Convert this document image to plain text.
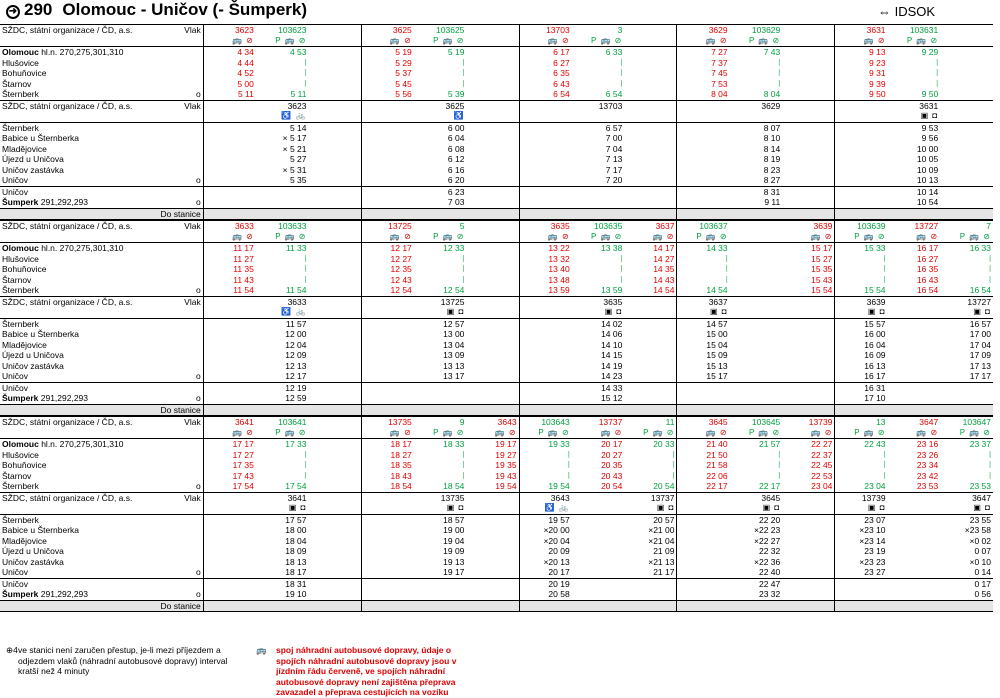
➜ 290 Olomouc - Uničov (- Šumperk)	⇔ IDSOK
SŽDC, státní organizace / ČD, a.s. Vlak	3623	103623		3625	103625		13703	3		3629	103629		3631	103631	
	🚌 ⊘	P 🚌 ⊘		🚌 ⊘	P 🚌 ⊘		🚌 ⊘	P 🚌 ⊘		🚌 ⊘	P 🚌 ⊘		🚌 ⊘	P 🚌 ⊘	
Olomouc hl.n. 270,275,301,310	4 34	4 53		5 19	5 19		6 17	6 33		7 27	7 43		9 13	9 29	
Hlušovice	4 44	⦚		5 29	⦚		6 27	⦚		7 37	⦚		9 23	⦚	
Bohuňovice	4 52	⦚		5 37	⦚		6 35	⦚		7 45	⦚		9 31	⦚	
Štarnov	5 00	⦚		5 45	⦚		6 43	⦚		7 53	⦚		9 39	⦚	
Šternberk o	5 11	5 11		5 56	5 39		6 54	6 54		8 04	8 04		9 50	9 50	
SŽDC, státní organizace / ČD, a.s. Vlak		3623			3625			13703			3629			3631	
		♿ 🚲			♿									▣ ◘	
Šternberk		5 14			6 00			6 57			8 07			9 53	
Babice u Šternberka		× 5 17			6 04			7 00			8 10			9 56	
Mladějovice		× 5 21			6 08			7 04			8 14			10 00	
Újezd u Uničova		5 27			6 12			7 13			8 19			10 05	
Uničov zastávka		× 5 31			6 16			7 17			8 23			10 09	
Uničov o		5 35			6 20			7 20			8 27			10 13	
Uničov					6 23						8 31			10 14	
Šumperk 291,292,293 o					7 03						9 11			10 54	
Do stanice															
SŽDC, státní organizace / ČD, a.s. Vlak	3633	103633		13725	5		3635	103635	3637	103637		3639	103639	13727	7
	🚌 ⊘	P 🚌 ⊘		🚌 ⊘	P 🚌 ⊘		🚌 ⊘	P 🚌 ⊘	🚌 ⊘	P 🚌 ⊘		🚌 ⊘	P 🚌 ⊘	🚌 ⊘	P 🚌 ⊘
Olomouc hl.n. 270,275,301,310	11 17	11 33		12 17	12 33		13 22	13 38	14 17	14 33		15 17	15 33	16 17	16 33
Hlušovice	11 27	⦚		12 27	⦚		13 32	⦚	14 27	⦚		15 27	⦚	16 27	⦚
Bohuňovice	11 35	⦚		12 35	⦚		13 40	⦚	14 35	⦚		15 35	⦚	16 35	⦚
Štarnov	11 43	⦚		12 43	⦚		13 48	⦚	14 43	⦚		15 43	⦚	16 43	⦚
Šternberk o	11 54	11 54		12 54	12 54		13 59	13 59	14 54	14 54		15 54	15 54	16 54	16 54
SŽDC, státní organizace / ČD, a.s. Vlak		3633			13725			3635		3637			3639		13727
		♿ 🚲			▣ ◘			▣ ◘		▣ ◘			▣ ◘		▣ ◘
Šternberk		11 57			12 57			14 02		14 57			15 57		16 57
Babice u Šternberka		12 00			13 00			14 06		15 00			16 00		17 00
Mladějovice		12 04			13 04			14 10		15 04			16 04		17 04
Újezd u Uničova		12 09			13 09			14 15		15 09			16 09		17 09
Uničov zastávka		12 13			13 13			14 19		15 13			16 13		17 13
Uničov o		12 17			13 17			14 23		15 17			16 17		17 17
Uničov		12 19						14 33					16 31		
Šumperk 291,292,293 o		12 59						15 12					17 10		
Do stanice															
SŽDC, státní organizace / ČD, a.s. Vlak	3641	103641		13735	9	3643	103643	13737	11	3645	103645	13739	13	3647	103647
	🚌 ⊘	P 🚌 ⊘		🚌 ⊘	P 🚌 ⊘	🚌 ⊘	P 🚌 ⊘	🚌 ⊘	P 🚌 ⊘	🚌 ⊘	P 🚌 ⊘	🚌 ⊘	P 🚌 ⊘	🚌 ⊘	P 🚌 ⊘
Olomouc hl.n. 270,275,301,310	17 17	17 33		18 17	18 33	19 17	19 33	20 17	20 33	21 40	21 57	22 27	22 43	23 16	23 37
Hlušovice	17 27	⦚		18 27	⦚	19 27	⦚	20 27	⦚	21 50	⦚	22 37	⦚	23 26	⦚
Bohuňovice	17 35	⦚		18 35	⦚	19 35	⦚	20 35	⦚	21 58	⦚	22 45	⦚	23 34	⦚
Štarnov	17 43	⦚		18 43	⦚	19 43	⦚	20 43	⦚	22 06	⦚	22 53	⦚	23 42	⦚
Šternberk o	17 54	17 54		18 54	18 54	19 54	19 54	20 54	20 54	22 17	22 17	23 04	23 04	23 53	23 53
SŽDC, státní organizace / ČD, a.s. Vlak		3641			13735		3643		13737		3645		13739		3647
		▣ ◘			▣ ◘		♿ 🚲		▣ ◘		▣ ◘		▣ ◘		▣ ◘
Šternberk		17 57			18 57		19 57		20 57		22 20		23 07		23 55
Babice u Šternberka		18 00			19 00		×20 00		×21 00		×22 23		×23 10		×23 58
Mladějovice		18 04			19 04		×20 04		×21 04		×22 27		×23 14		×0 02
Újezd u Uničova		18 09			19 09		20 09		21 09		22 32		23 19		0 07
Uničov zastávka		18 13			19 13		×20 13		×21 13		×22 36		×23 23		×0 10
Uničov o		18 17			19 17		20 17		21 17		22 40		23 27		0 14
Uničov		18 31					20 19				22 47				0 17
Šumperk 291,292,293 o		19 10					20 58				23 32				0 56
Do stanice															
⊕4 ve stanici není zaručen přestup, je-li mezi příjezdem a odjezdem vlaků (náhradní autobusové dopravy) interval kratší než 4 minuty
🚌	spoj náhradní autobusové dopravy, údaje o spojích náhradní autobusové dopravy jsou v jízdním řádu červeně, ve spojích náhradní autobusové dopravy není zajištěna přeprava zavazadel a přeprava cestujících na vozíku
